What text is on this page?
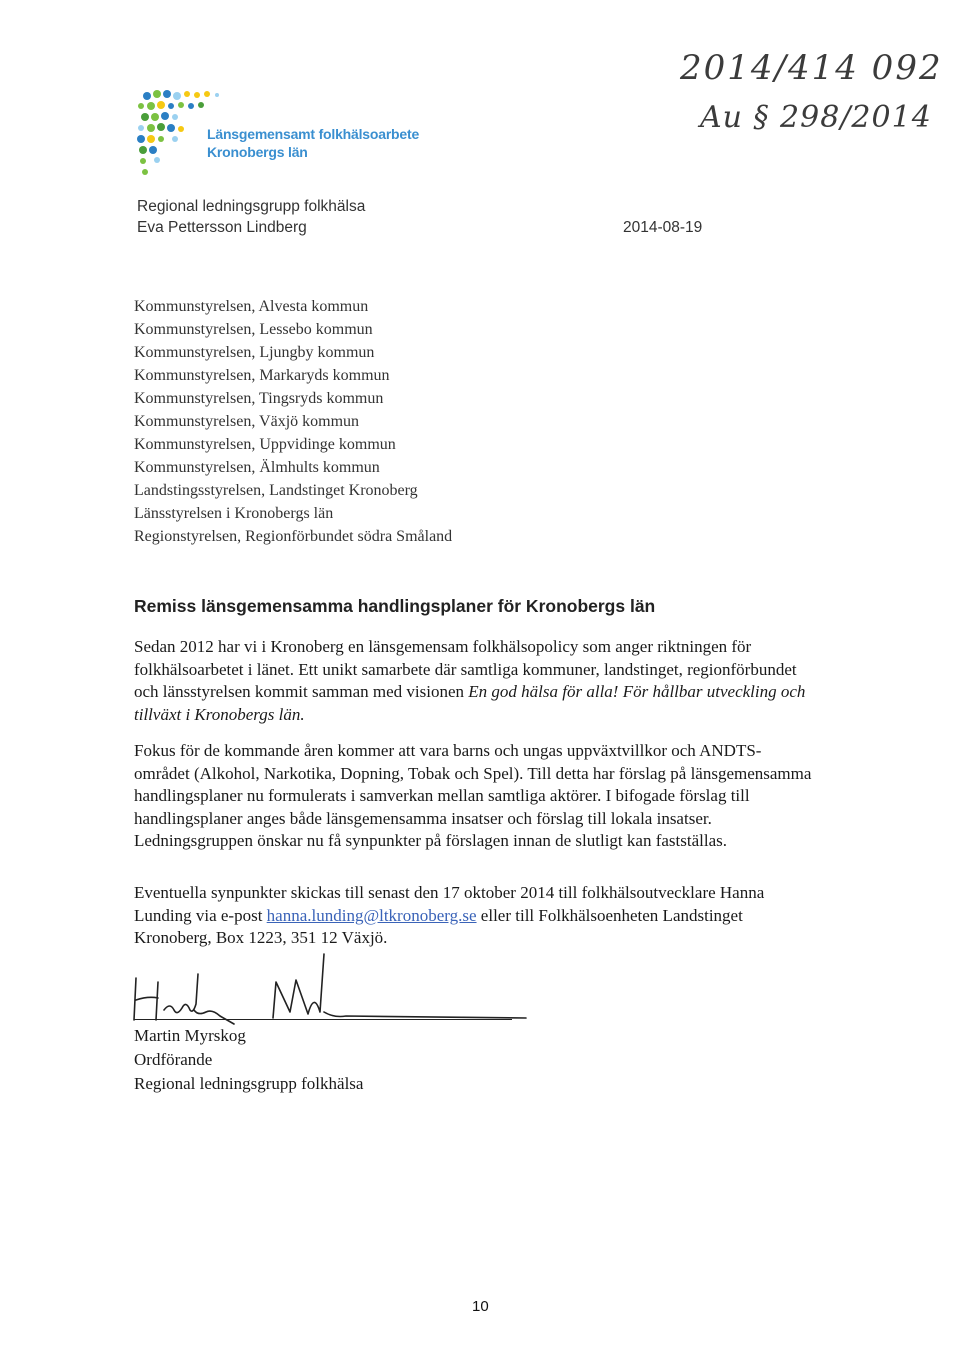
Länsgemensamt folkhälsoarbete
Kronobergs län
2014/414 092
Au § 298/2014
Regional ledningsgrupp folkhälsa
Eva Pettersson Lindberg	2014-08-19
Kommunstyrelsen, Alvesta kommun
Kommunstyrelsen, Lessebo kommun
Kommunstyrelsen, Ljungby kommun
Kommunstyrelsen, Markaryds kommun
Kommunstyrelsen, Tingsryds kommun
Kommunstyrelsen, Växjö kommun
Kommunstyrelsen, Uppvidinge kommun
Kommunstyrelsen, Älmhults kommun
Landstingsstyrelsen, Landstinget Kronoberg
Länsstyrelsen i Kronobergs län
Regionstyrelsen, Regionförbundet södra Småland
Remiss länsgemensamma handlingsplaner för Kronobergs län

Sedan 2012 har vi i Kronoberg en länsgemensam folkhälsopolicy som anger riktningen för folkhälsoarbetet i länet. Ett unikt samarbete där samtliga kommuner, landstinget, regionförbundet och länsstyrelsen kommit samman med visionen En god hälsa för alla! För hållbar utveckling och tillväxt i Kronobergs län.

Fokus för de kommande åren kommer att vara barns och ungas uppväxtvillkor och ANDTS-området (Alkohol, Narkotika, Dopning, Tobak och Spel). Till detta har förslag på länsgemensamma handlingsplaner nu formulerats i samverkan mellan samtliga aktörer. I bifogade förslag till handlingsplaner anges både länsgemensamma insatser och förslag till lokala insatser. Ledningsgruppen önskar nu få synpunkter på förslagen innan de slutligt kan fastställas.

Eventuella synpunkter skickas till senast den 17 oktober 2014 till folkhälsoutvecklare Hanna Lunding via e-post hanna.lunding@ltkronoberg.se eller till Folkhälsoenheten Landstinget Kronoberg, Box 1223, 351 12 Växjö.

Martin Myrskog
Ordförande
Regional ledningsgrupp folkhälsa
10
